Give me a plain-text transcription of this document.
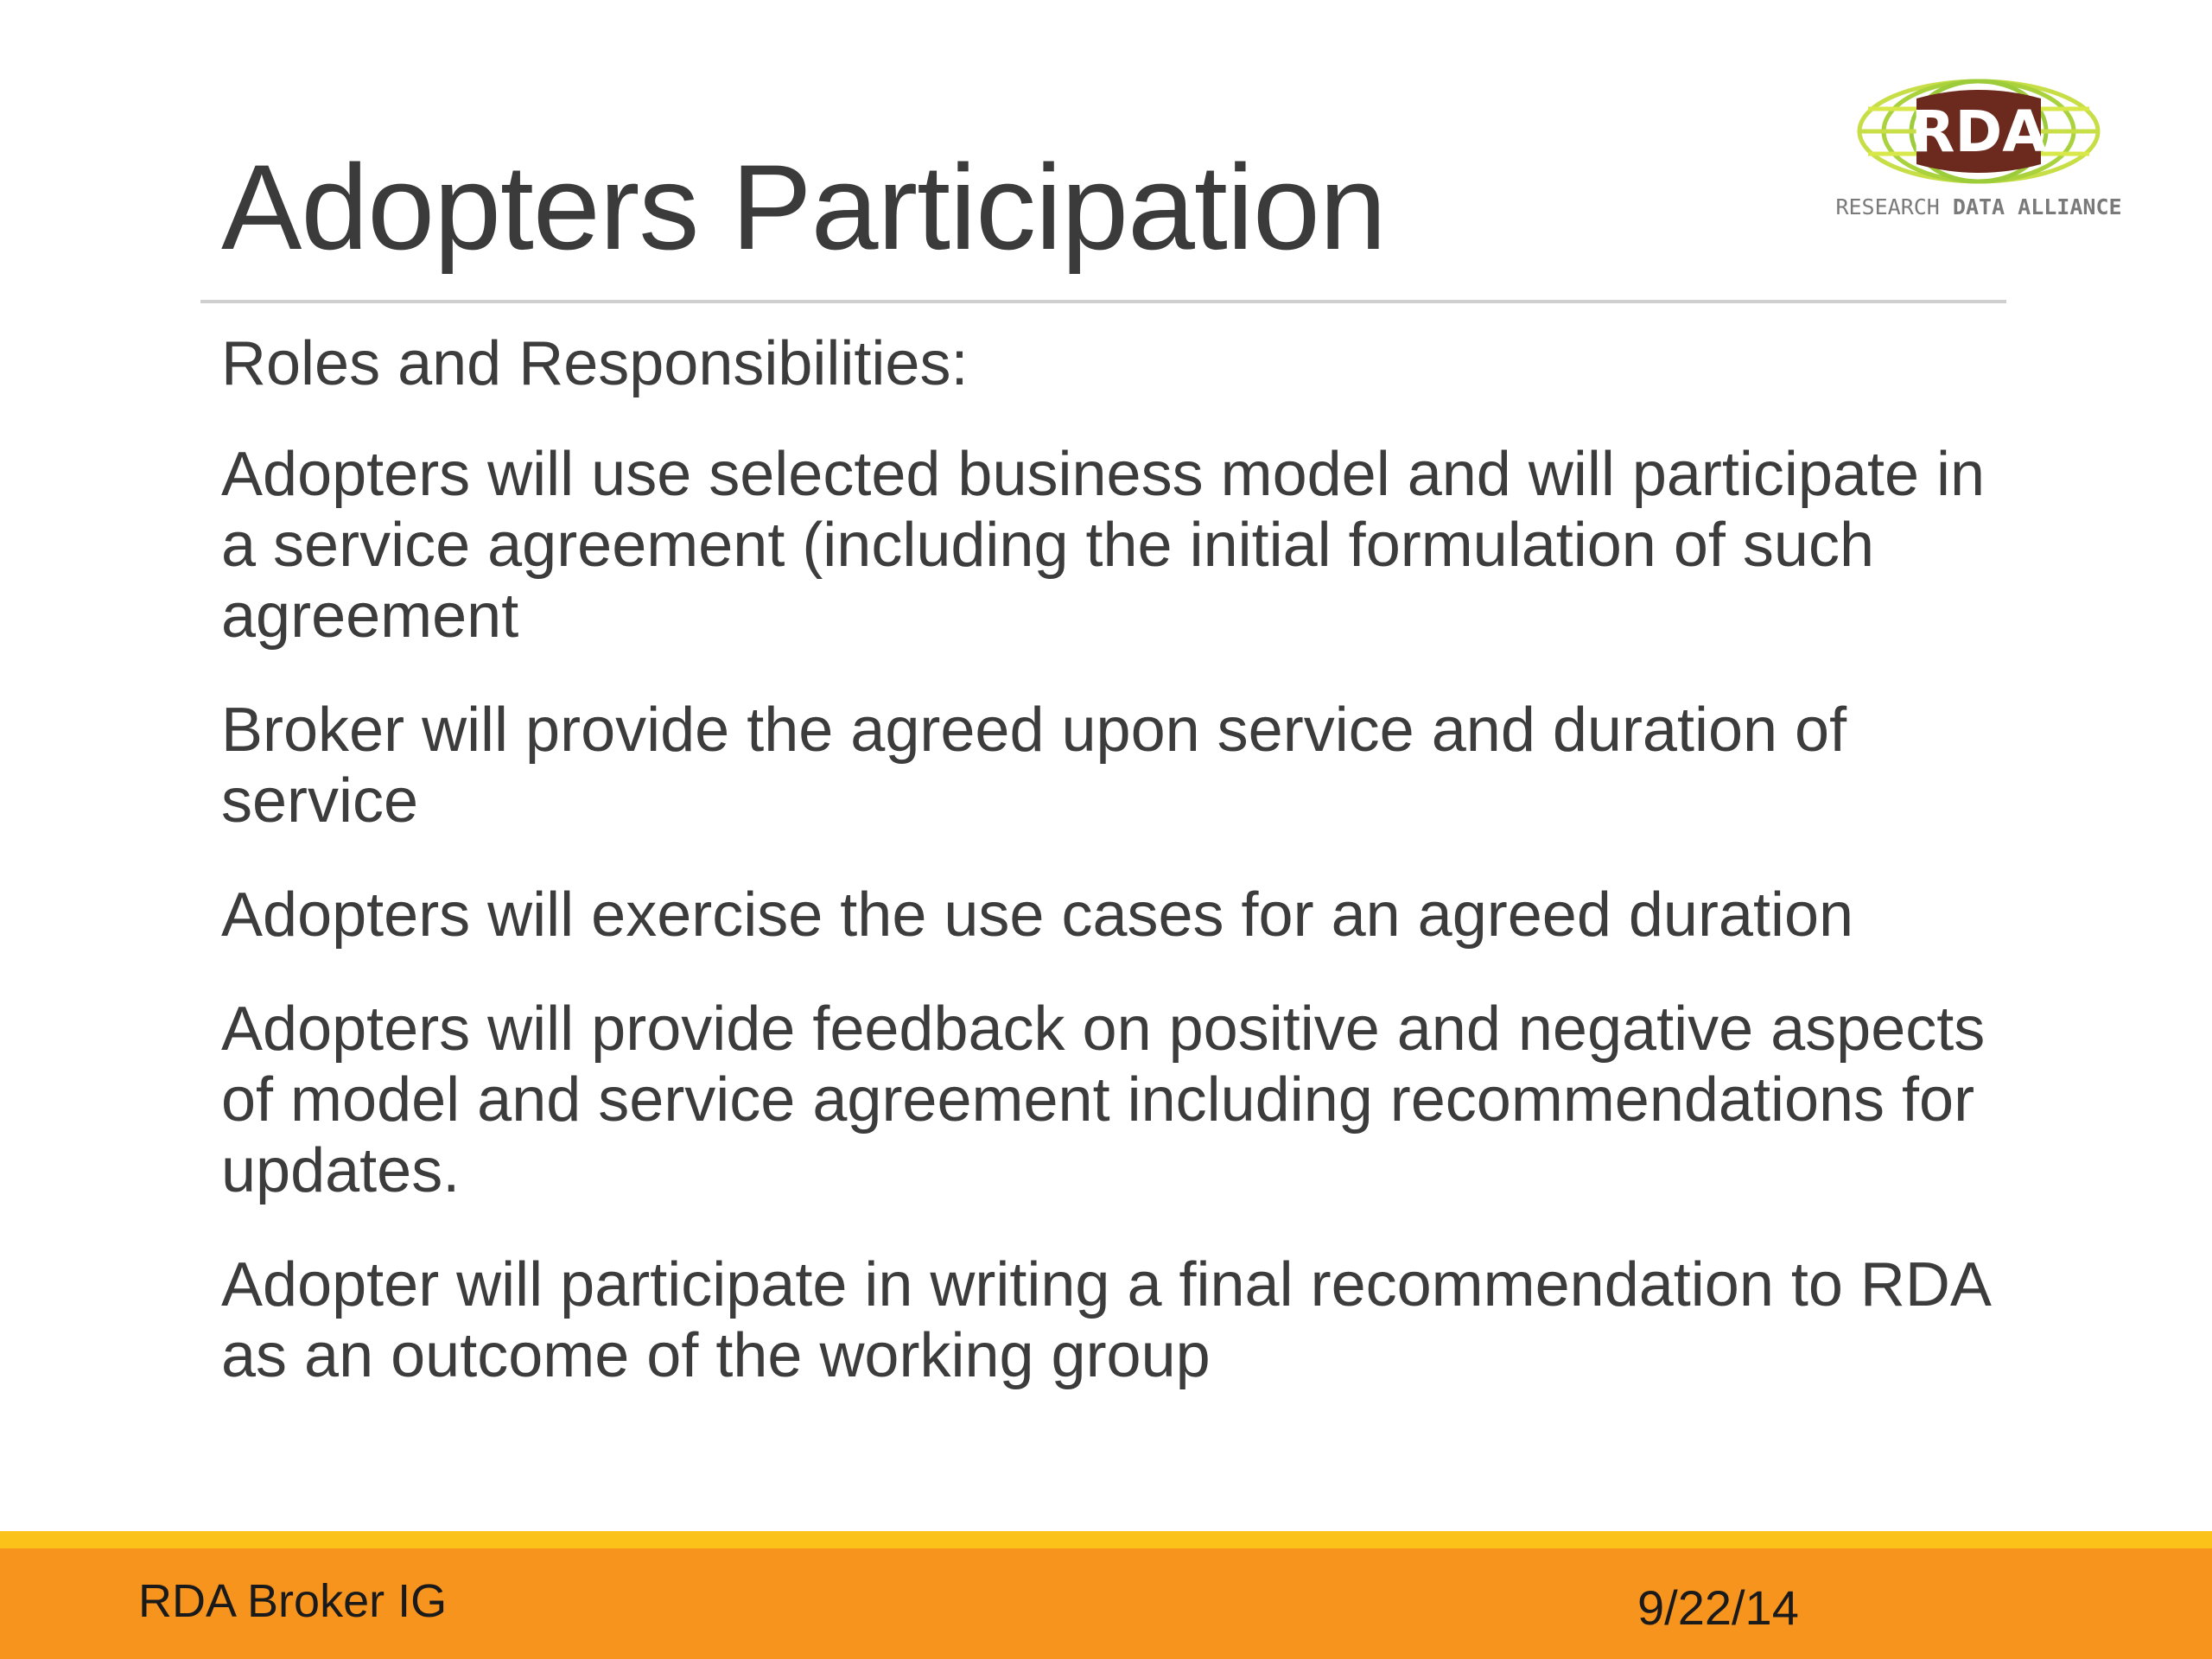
Adopters Participation
RDA
RESEARCH DATA ALLIANCE

Roles and Responsibilities:

Adopters will use selected business model and will participate in a service agreement (including the initial formulation of such agreement

Broker will provide the agreed upon service and duration of service

Adopters will exercise the use cases for an agreed duration

Adopters will provide feedback on positive and negative aspects of model and service agreement including recommendations for updates.

Adopter will participate in writing a final recommendation to RDA as an outcome of the working group

RDA Broker IG	9/22/14
